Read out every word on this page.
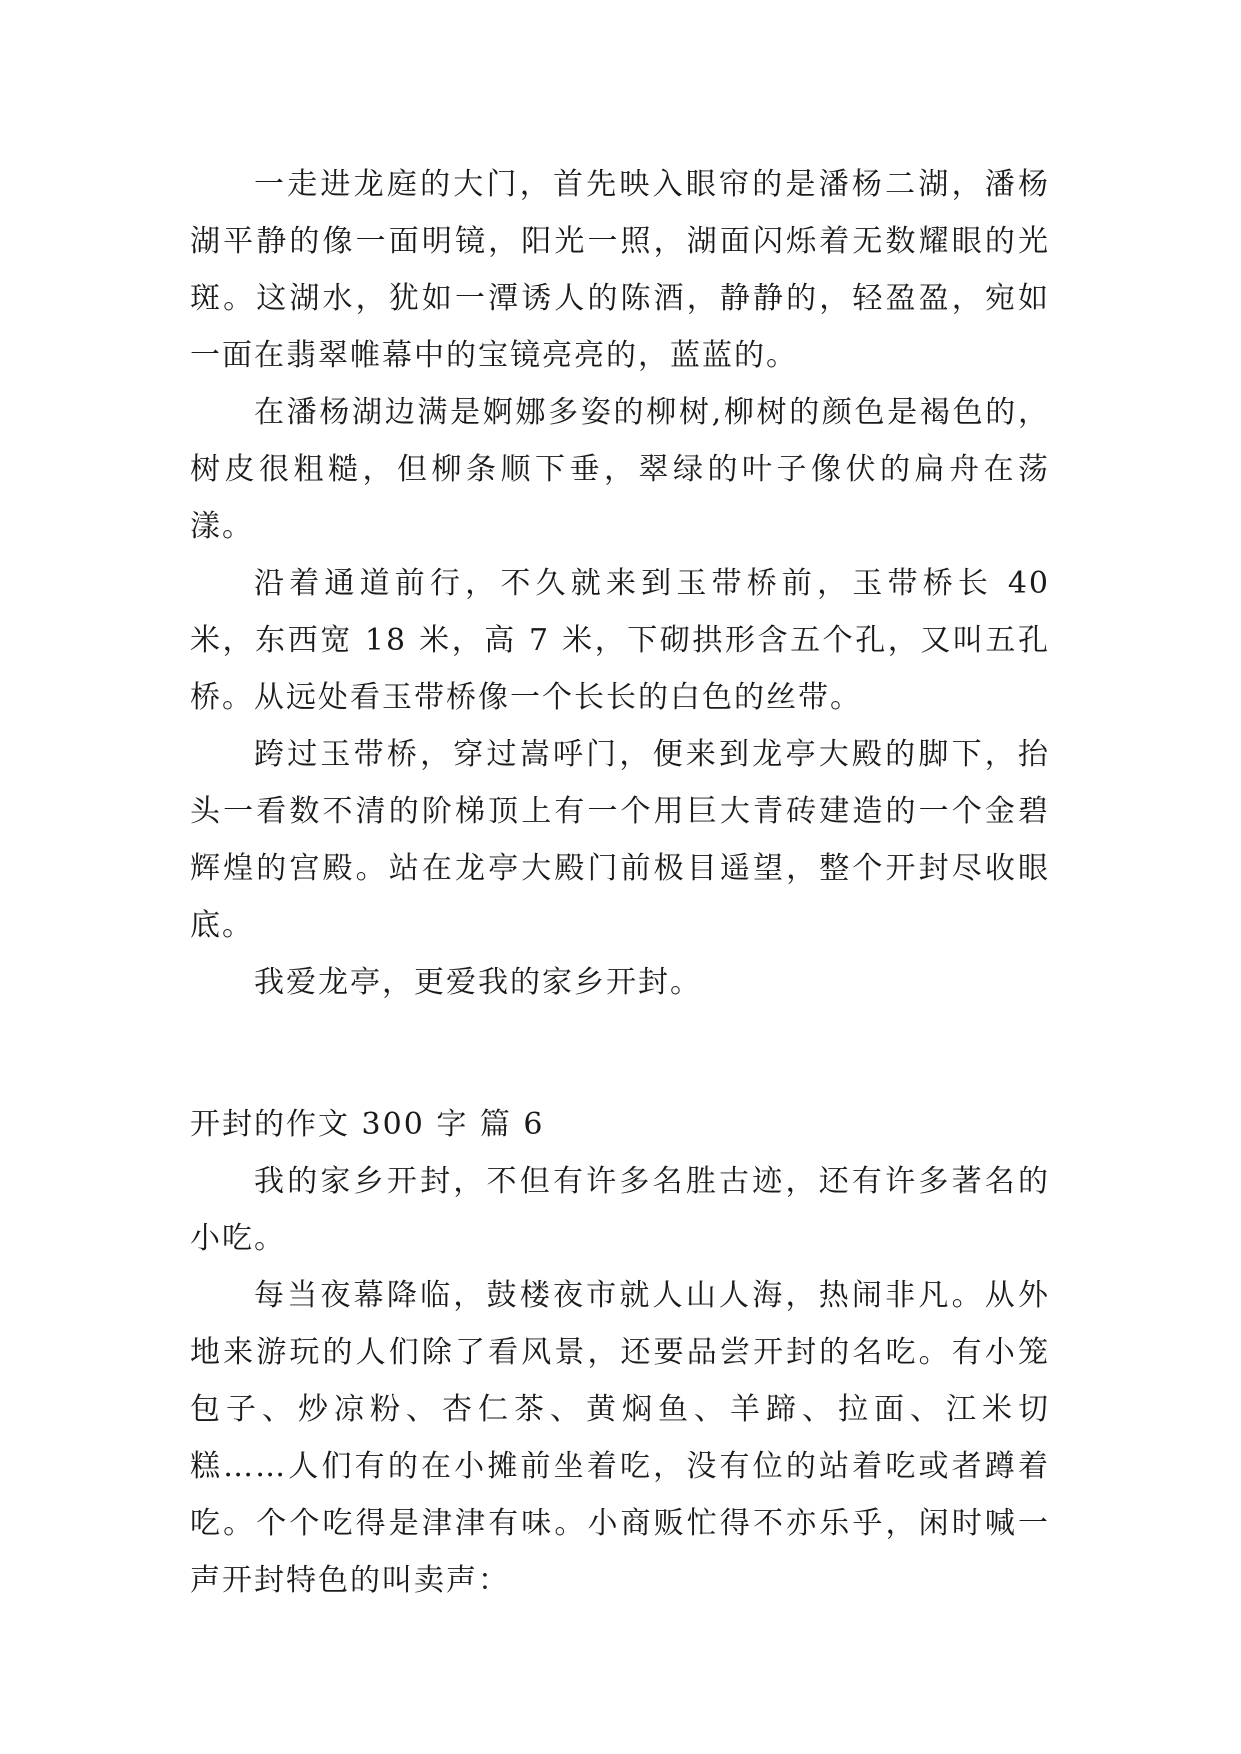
一走进龙庭的大门，首先映入眼帘的是潘杨二湖，潘杨湖平静的像一面明镜，阳光一照，湖面闪烁着无数耀眼的光斑。这湖水，犹如一潭诱人的陈酒，静静的，轻盈盈，宛如一面在翡翠帷幕中的宝镜亮亮的，蓝蓝的。

在潘杨湖边满是婀娜多姿的柳树,柳树的颜色是褐色的，树皮很粗糙，但柳条顺下垂，翠绿的叶子像伏的扁舟在荡漾。

沿着通道前行，不久就来到玉带桥前，玉带桥长 40 米，东西宽 18 米，高 7 米，下砌拱形含五个孔，又叫五孔桥。从远处看玉带桥像一个长长的白色的丝带。

跨过玉带桥，穿过嵩呼门，便来到龙亭大殿的脚下，抬头一看数不清的阶梯顶上有一个用巨大青砖建造的一个金碧辉煌的宫殿。站在龙亭大殿门前极目遥望，整个开封尽收眼底。

我爱龙亭，更爱我的家乡开封。

开封的作文 300 字 篇 6

我的家乡开封，不但有许多名胜古迹，还有许多著名的小吃。

每当夜幕降临，鼓楼夜市就人山人海，热闹非凡。从外地来游玩的人们除了看风景，还要品尝开封的名吃。有小笼包子、炒凉粉、杏仁茶、黄焖鱼、羊蹄、拉面、江米切糕……人们有的在小摊前坐着吃，没有位的站着吃或者蹲着吃。个个吃得是津津有味。小商贩忙得不亦乐乎，闲时喊一声开封特色的叫卖声：
